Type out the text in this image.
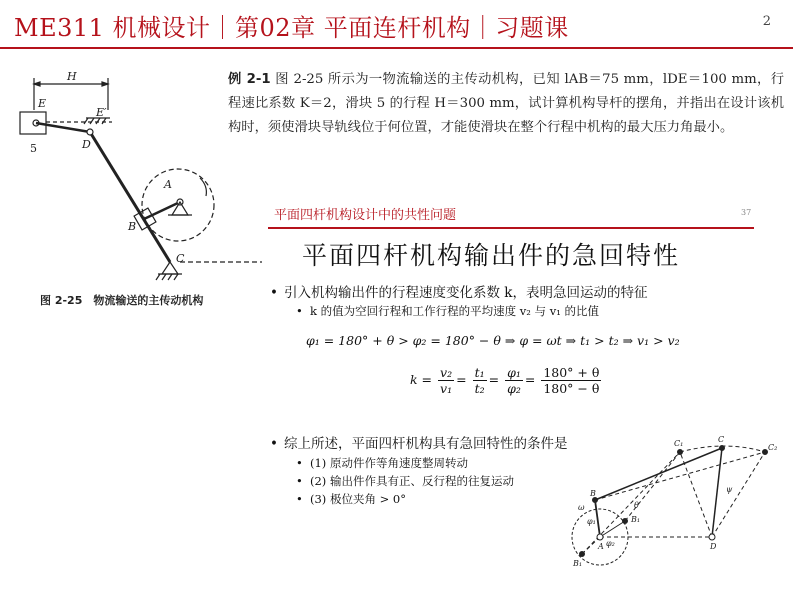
ME311 机械设计｜第02章 平面连杆机构｜习题课	2
H
E
E′
5	D
A
B
C
图 2-25　物流输送的主传动机构
例 2-1 图 2-25 所示为一物流输送的主传动机构，已知 lAB＝75 mm，lDE＝100 mm，行程速比系数 K＝2，滑块 5 的行程 H＝300 mm，试计算机构导杆的摆角，并指出在设计该机构时，须使滑块导轨线位于何位置，才能使滑块在整个行程中机构的最大压力角最小。
平面四杆机构设计中的共性问题	37
平面四杆机构输出件的急回特性
• 引入机构输出件的行程速度变化系数 k，表明急回运动的特征
• k 的值为空回行程和工作行程的平均速度 v₂ 与 v₁ 的比值
φ₁ = 180° + θ > φ₂ = 180° − θ ⇒ φ = ωt ⇒ t₁ > t₂ ⇒ v₁ > v₂
$k = \frac{\text{v₂}}{\text{v₁}} = \frac{\text{t₁}}{\text{t₂}} = \frac{\text{φ₁}}{\text{φ₂}} = \frac{180^\circ + \theta}{180^\circ - \theta}$
• 综上所述，平面四杆机构具有急回特性的条件是
• (1) 原动件作等角速度整周转动
• (2) 输出件作具有正、反行程的往复运动
• (3) 极位夹角 > 0°
C₁	C
C₂
B
B₁
B₁
A	D
θ
ψ
φ₁
φ₂
ω
